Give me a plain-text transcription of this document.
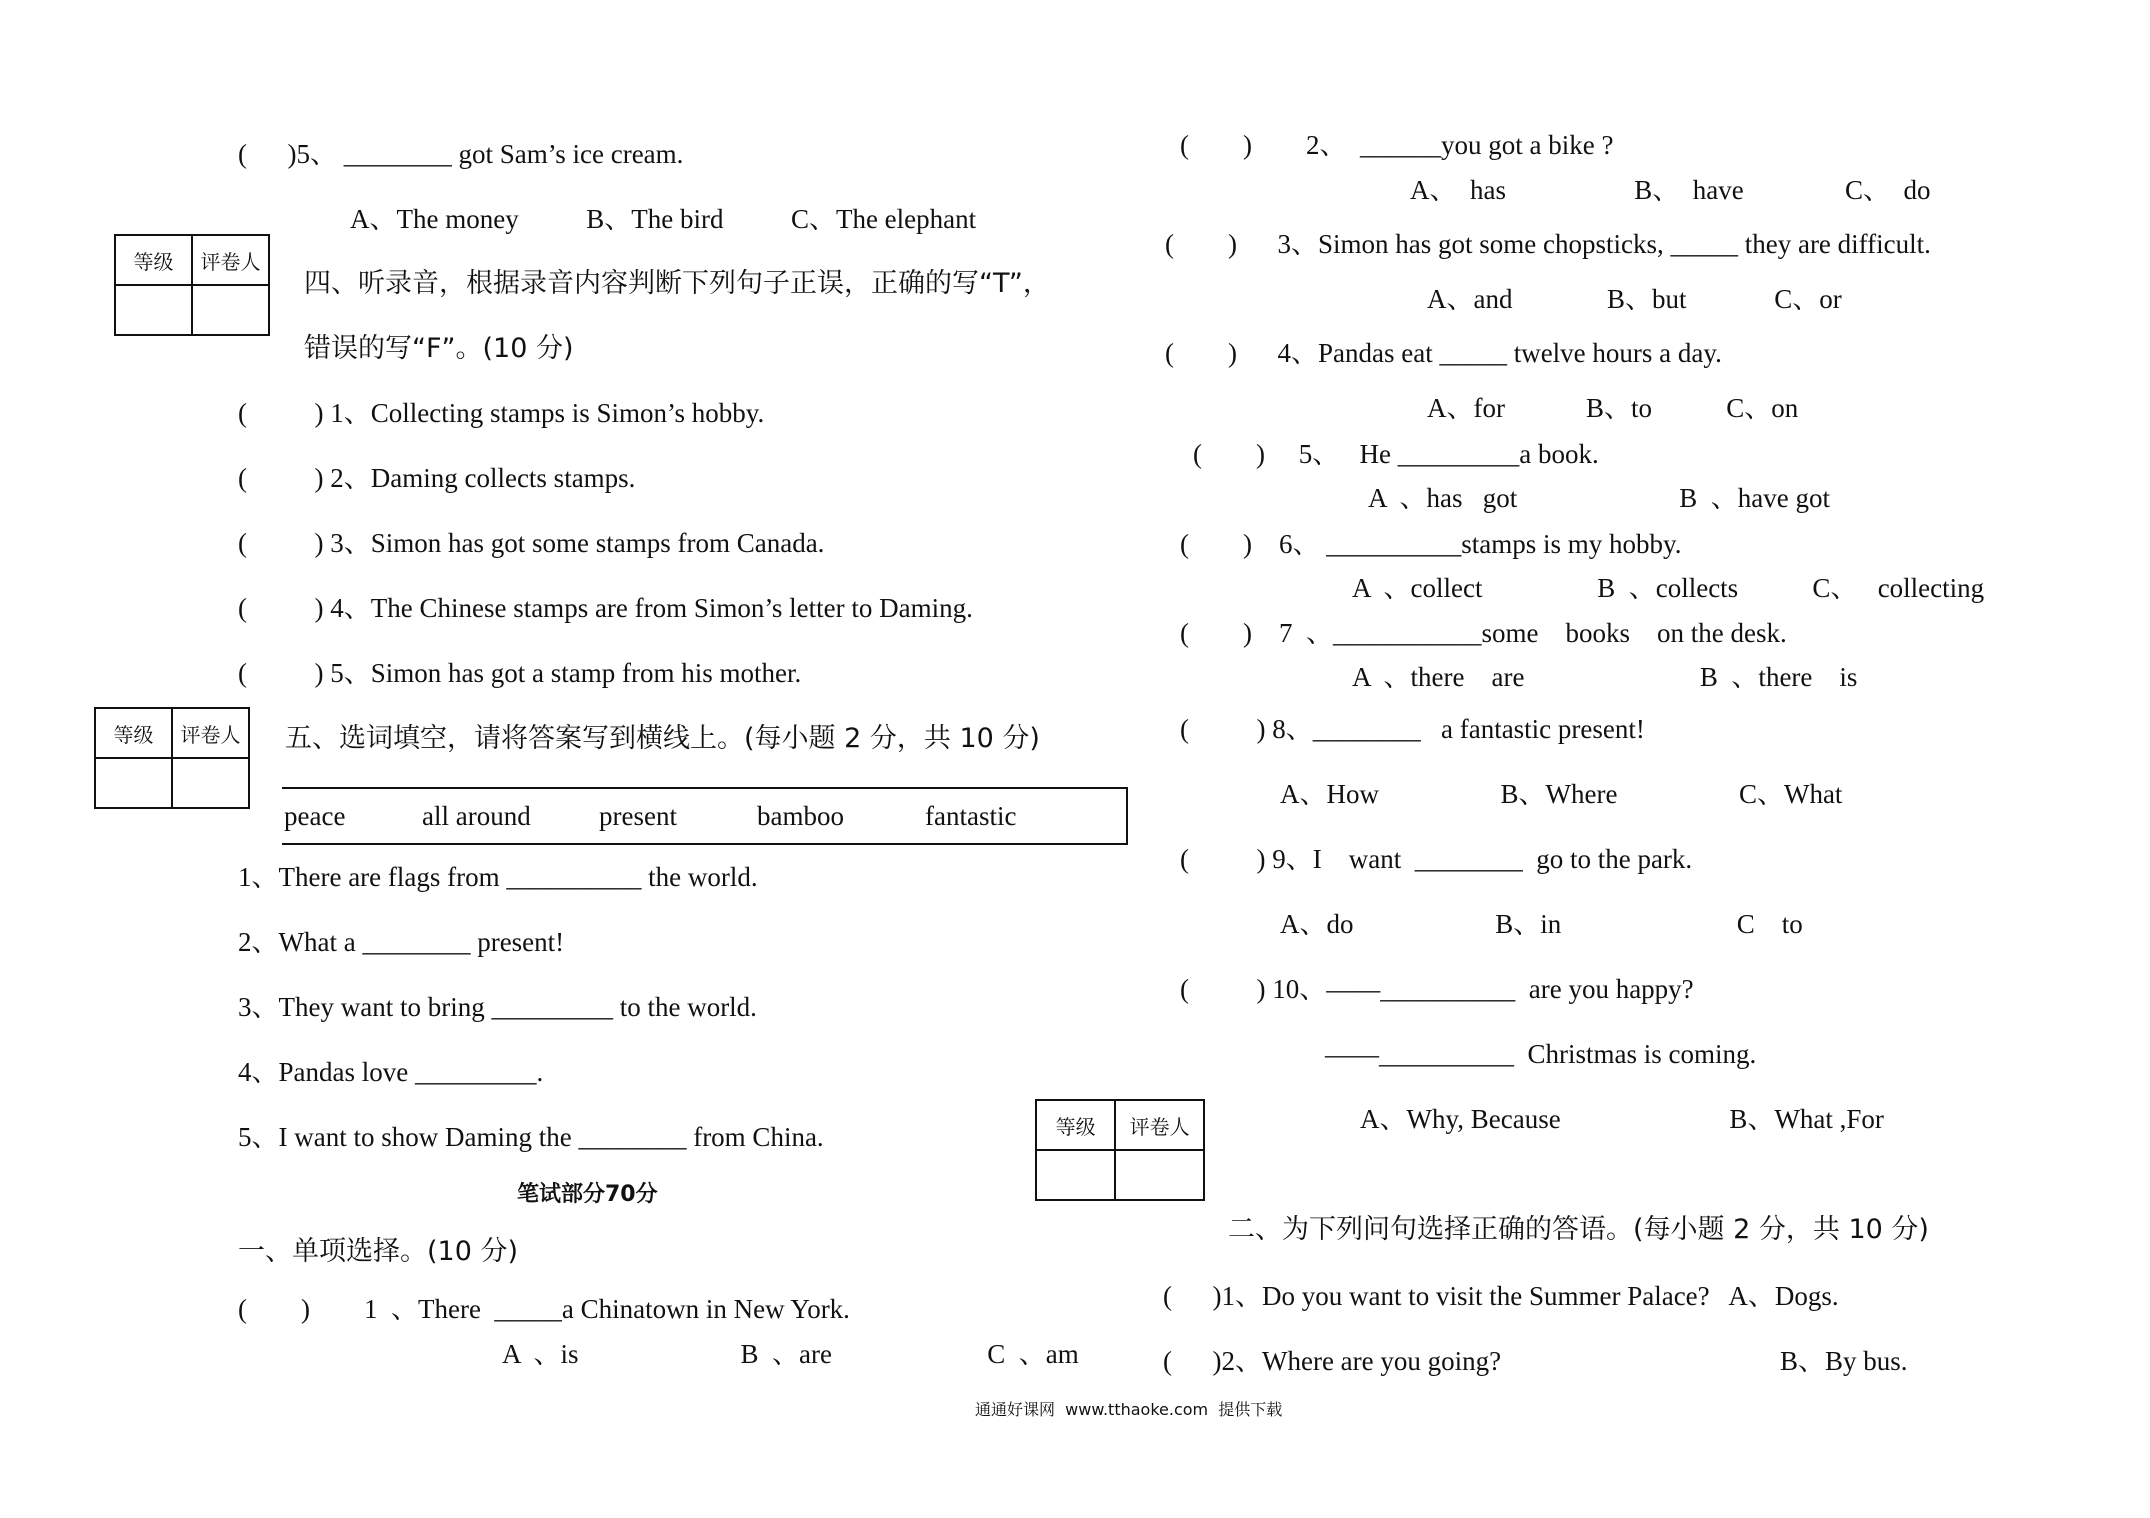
(      )5、 ________ got Sam’s ice cream.
A、The money          B、The bird          C、The elephant
等级	评卷人

四、听录音，根据录音内容判断下列句子正误，正确的写“T”，
错误的写“F”。(10 分)
(          ) 1、Collecting stamps is Simon’s hobby.
(          ) 2、Daming collects stamps.
(          ) 3、Simon has got some stamps from Canada.
(          ) 4、The Chinese stamps are from Simon’s letter to Daming.
(          ) 5、Simon has got a stamp from his mother.
等级	评卷人
	五、选词填空，请将答案写到横线上。(每小题 2 分，共 10 分)
peace	all around	present	bamboo	fantastic
1、There are flags from __________ the world.
2、What a ________ present!
3、They want to bring _________ to the world.
4、Pandas love _________.
5、I want to show Daming the ________ from China.
笔试部分70分
一、单项选择。(10 分)
(        )        1  、There  _____a Chinatown in New York.
A  、is                        B  、are                       C  、am
等级	评卷人

(        )        2、  ______you got a bike ?
A、  has                   B、  have               C、  do
(        )      3、Simon has got some chopsticks, _____ they are difficult.
A、and              B、but             C、or
(        )      4、Pandas eat _____ twelve hours a day.
A、for            B、to           C、on
(        )     5、   He _________a book.
A  、has   got                        B  、have got
(        )    6、 __________stamps is my hobby.
A  、collect                 B  、collects           C、   collecting
(        )    7  、___________some    books    on the desk.
A  、there    are                          B  、there    is
(          ) 8、________   a fantastic present!
A、How                  B、Where                  C、What
(          ) 9、I    want  ________  go to the park.
A、do                     B、in                          C    to
(          ) 10、——__________  are you happy?
——__________  Christmas is coming.
A、Why, Because                         B、What ,For
二、为下列问句选择正确的答语。(每小题 2 分，共 10 分)
(      )1、Do you want to visit the Summer Palace?   A、Dogs.
(      )2、Where are you going?	B、By bus.
通通好课网  www.tthaoke.com  提供下载
